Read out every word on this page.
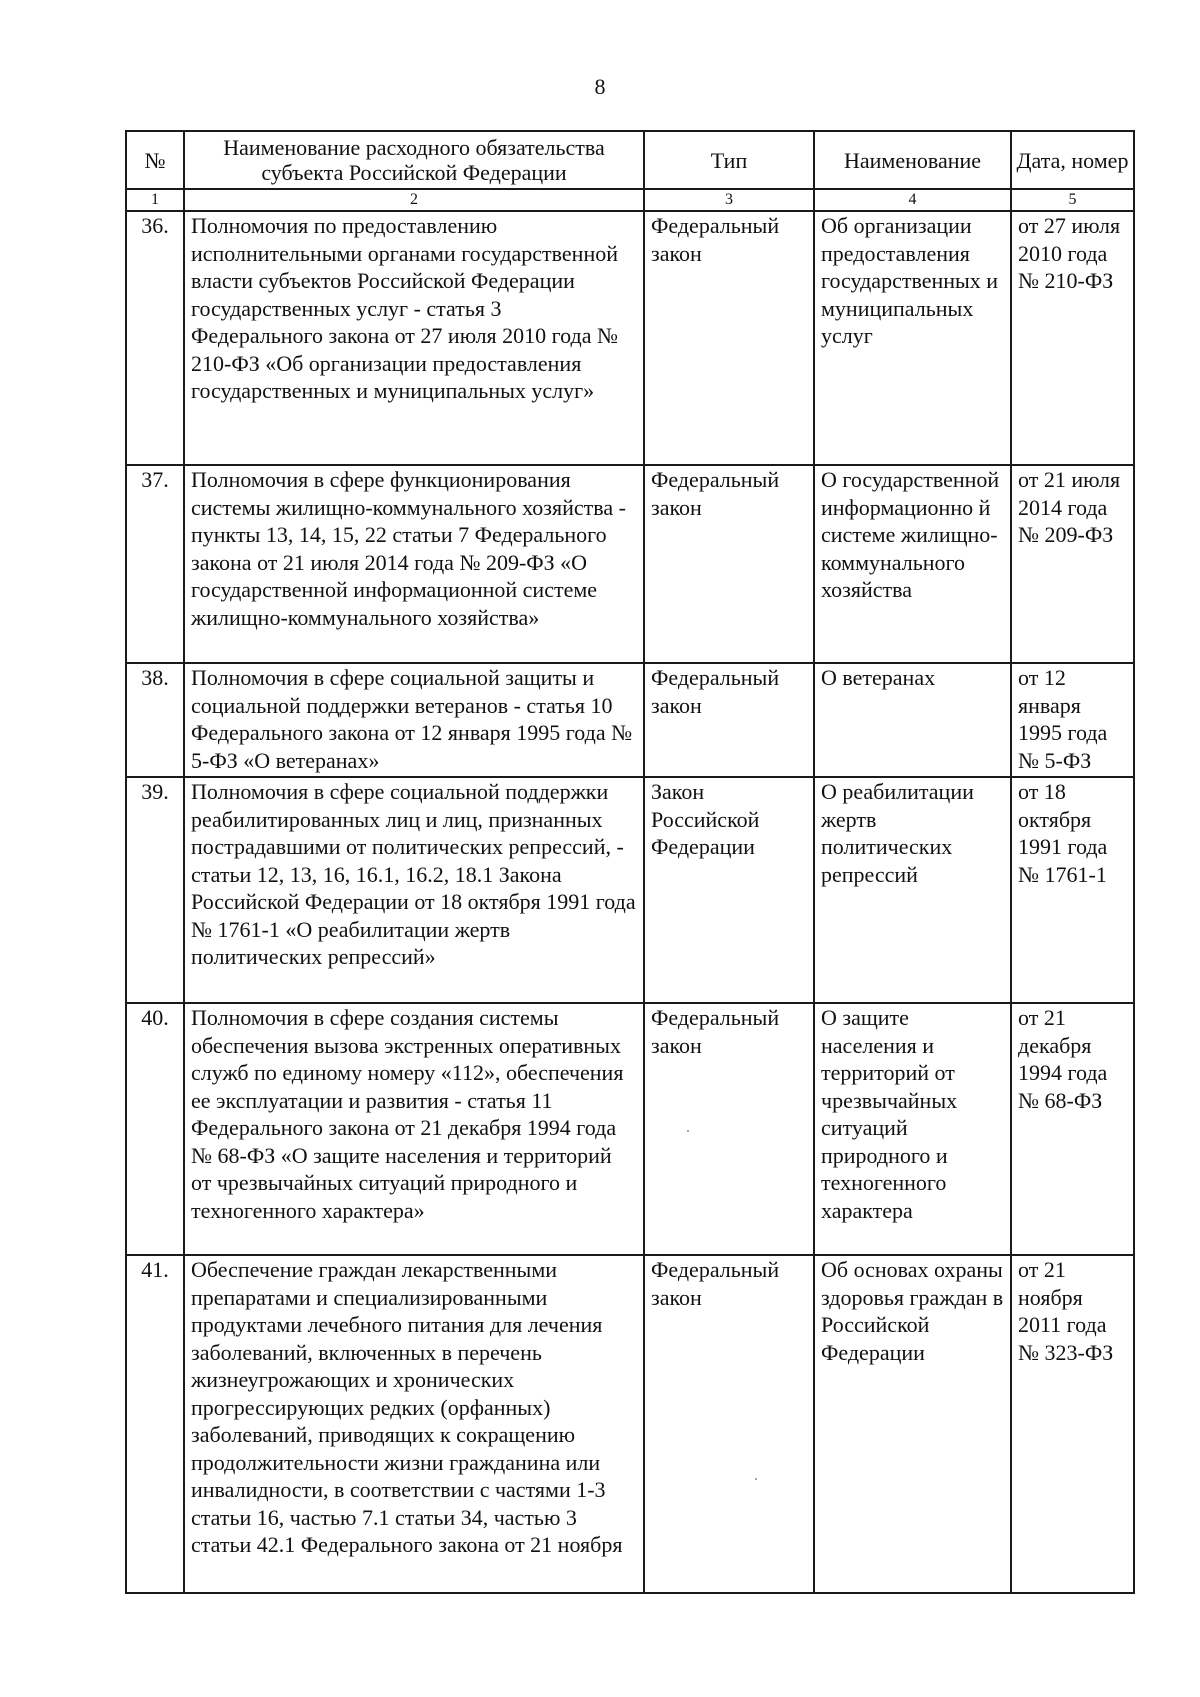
8
№	Наименование расходного обязательства субъекта Российской Федерации	Тип	Наименование	Дата, номер
1	2	3	4	5
36.	Полномочия по предоставлению исполнительными органами государственной власти субъектов Российской Федерации государственных услуг - статья 3 Федерального закона от 27 июля 2010 года № 210-ФЗ «Об организации предоставления государственных и муниципальных услуг»	Федеральный закон	Об организации предоставления государственных и муниципальных услуг	от 27 июля 2010 года № 210-ФЗ
37.	Полномочия в сфере функционирования системы жилищно-коммунального хозяйства - пункты 13, 14, 15, 22 статьи 7 Федерального закона от 21 июля 2014 года № 209-ФЗ «О государственной информационной системе жилищно-коммунального хозяйства»	Федеральный закон	О государственной информационно й системе жилищно-коммунального хозяйства	от 21 июля 2014 года № 209-ФЗ
38.	Полномочия в сфере социальной защиты и социальной поддержки ветеранов - статья 10 Федерального закона от 12 января 1995 года № 5-ФЗ «О ветеранах»	Федеральный закон	О ветеранах	от 12 января 1995 года № 5-ФЗ
39.	Полномочия в сфере социальной поддержки реабилитированных лиц и лиц, признанных пострадавшими от политических репрессий, - статьи 12, 13, 16, 16.1, 16.2, 18.1 Закона Российской Федерации от 18 октября 1991 года № 1761-1 «О реабилитации жертв политических репрессий»	Закон Российской Федерации	О реабилитации жертв политических репрессий	от 18 октября 1991 года № 1761-1
40.	Полномочия в сфере создания системы обеспечения вызова экстренных оперативных служб по единому номеру «112», обеспечения ее эксплуатации и развития - статья 11 Федерального закона от 21 декабря 1994 года № 68-ФЗ «О защите населения и территорий от чрезвычайных ситуаций природного и техногенного характера»	Федеральный закон	О защите населения и территорий от чрезвычайных ситуаций природного и техногенного характера	от 21 декабря 1994 года № 68-ФЗ
41.	Обеспечение граждан лекарственными препаратами и специализированными продуктами лечебного питания для лечения заболеваний, включенных в перечень жизнеугрожающих и хронических прогрессирующих редких (орфанных) заболеваний, приводящих к сокращению продолжительности жизни гражданина или инвалидности, в соответствии с частями 1-3 статьи 16, частью 7.1 статьи 34, частью 3 статьи 42.1 Федерального закона от 21 ноября	Федеральный закон	Об основах охраны здоровья граждан в Российской Федерации	от 21 ноября 2011 года № 323-ФЗ
